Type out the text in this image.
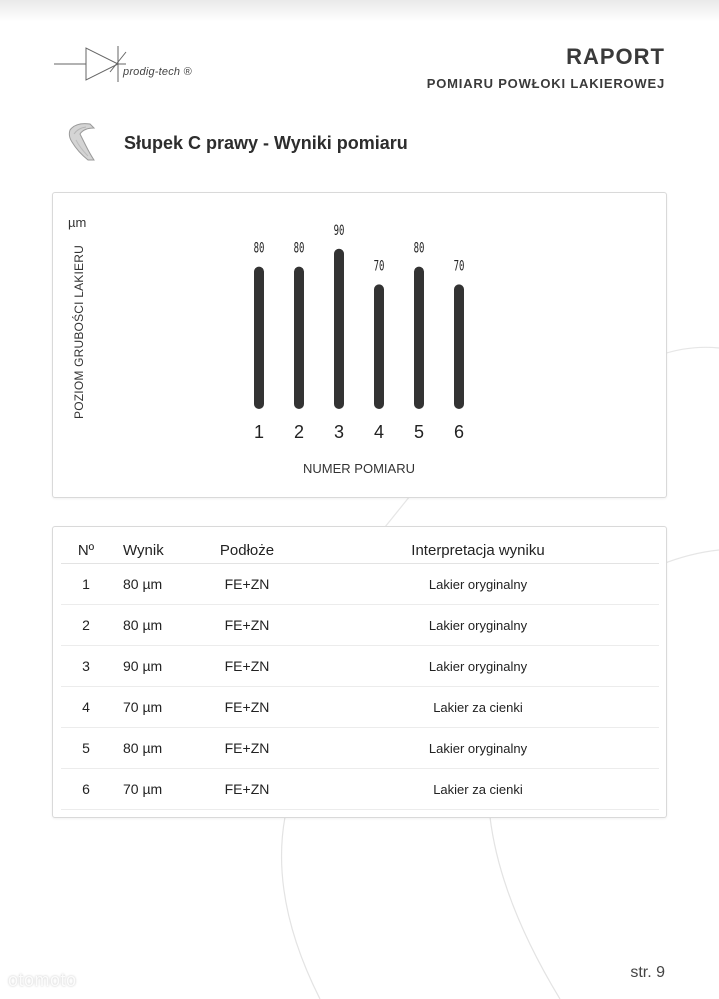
prodig-tech ®
RAPORT
POMIARU POWŁOKI LAKIEROWEJ
Słupek C prawy - Wyniki pomiaru
µm
POZIOM GRUBOŚCI LAKIERU	80
1
80
2
90
3
70
4
80
5
70
6
NUMER POMIARU
Nº	Wynik	Podłoże	Interpretacja wyniku
1	80 µm	FE+ZN	Lakier oryginalny
2	80 µm	FE+ZN	Lakier oryginalny
3	90 µm	FE+ZN	Lakier oryginalny
4	70 µm	FE+ZN	Lakier za cienki
5	80 µm	FE+ZN	Lakier oryginalny
6	70 µm	FE+ZN	Lakier za cienki
str. 9
otomoto
